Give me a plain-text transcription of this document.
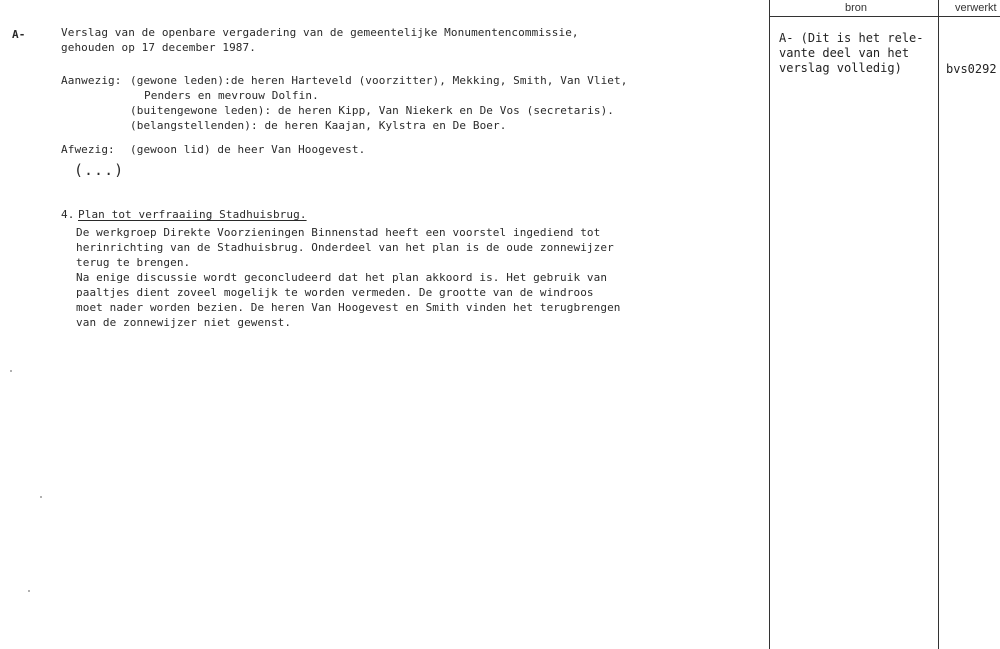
bron	verwerkt
A- (Dit is het rele-
vante deel van het
verslag volledig)	bvs0292
A-	Verslag van de openbare vergadering van de gemeentelijke Monumentencommissie,
gehouden op 17 december 1987.
Aanwezig: (gewone leden):de heren Harteveld (voorzitter), Mekking, Smith, Van Vliet,
Penders en mevrouw Dolfin.
(buitengewone leden): de heren Kipp, Van Niekerk en De Vos (secretaris).
(belangstellenden): de heren Kaajan, Kylstra en De Boer.
Afwezig: (gewoon lid) de heer Van Hoogevest.
(...)
4. Plan tot verfraaiing Stadhuisbrug.
De werkgroep Direkte Voorzieningen Binnenstad heeft een voorstel ingediend tot
herinrichting van de Stadhuisbrug. Onderdeel van het plan is de oude zonnewijzer
terug te brengen.
Na enige discussie wordt geconcludeerd dat het plan akkoord is. Het gebruik van
paaltjes dient zoveel mogelijk te worden vermeden. De grootte van de windroos
moet nader worden bezien. De heren Van Hoogevest en Smith vinden het terugbrengen
van de zonnewijzer niet gewenst.
